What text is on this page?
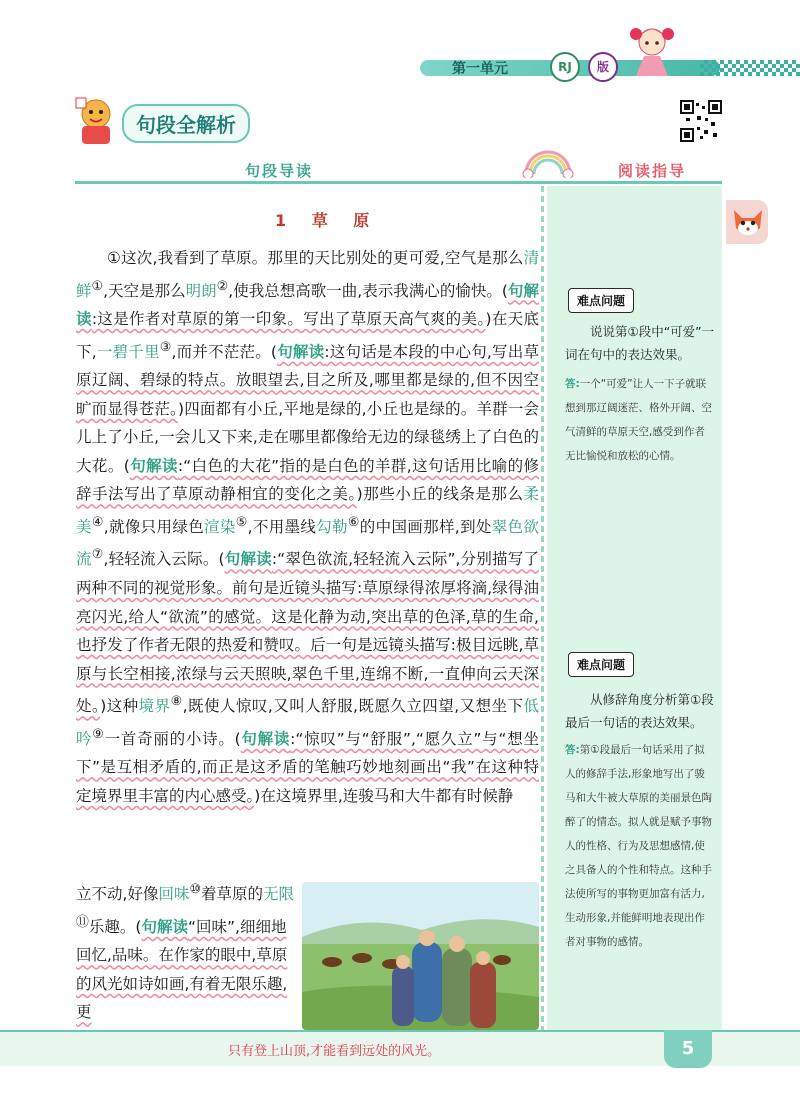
第一单元	RJ	版
句段全解析
句段导读	阅读指导
难点问题
说说第①段中“可爱”一词在句中的表达效果。
答:一个“可爱”让人一下子就联想到那辽阔迷茫、格外开阔、空气清鲜的草原天空,感受到作者无比愉悦和放松的心情。
难点问题
从修辞角度分析第①段最后一句话的表达效果。
答:第①段最后一句话采用了拟人的修辞手法,形象地写出了骏马和大牛被大草原的美丽景色陶醉了的情态。拟人就是赋予事物人的性格、行为及思想感情,使之具备人的个性和特点。这种手法使所写的事物更加富有活力,生动形象,并能鲜明地表现出作者对事物的感情。
1 草 原

①这次,我看到了草原。那里的天比别处的更可爱,空气是那么清鲜①,天空是那么明朗②,使我总想高歌一曲,表示我满心的愉快。(句解读:这是作者对草原的第一印象。写出了草原天高气爽的美。)在天底下,一碧千里③,而并不茫茫。(句解读:这句话是本段的中心句,写出草原辽阔、碧绿的特点。放眼望去,目之所及,哪里都是绿的,但不因空旷而显得苍茫。)四面都有小丘,平地是绿的,小丘也是绿的。羊群一会儿上了小丘,一会儿又下来,走在哪里都像给无边的绿毯绣上了白色的大花。(句解读:“白色的大花”指的是白色的羊群,这句话用比喻的修辞手法写出了草原动静相宜的变化之美。)那些小丘的线条是那么柔美④,就像只用绿色渲染⑤,不用墨线勾勒⑥的中国画那样,到处翠色欲流⑦,轻轻流入云际。(句解读:“翠色欲流,轻轻流入云际”,分别描写了两种不同的视觉形象。前句是近镜头描写:草原绿得浓厚将滴,绿得油亮闪光,给人“欲流”的感觉。这是化静为动,突出草的色泽,草的生命,也抒发了作者无限的热爱和赞叹。后一句是远镜头描写:极目远眺,草原与长空相接,浓绿与云天照映,翠色千里,连绵不断,一直伸向云天深处。)这种境界⑧,既使人惊叹,又叫人舒服,既愿久立四望,又想坐下低吟⑨一首奇丽的小诗。(句解读:“惊叹”与“舒服”,“愿久立”与“想坐下”是互相矛盾的,而正是这矛盾的笔触巧妙地刻画出“我”在这种特定境界里丰富的内心感受。)在这境界里,连骏马和大牛都有时候静

立不动,好像回味⑩着草原的无限⑪乐趣。(句解读“回味”,细细地回忆,品味。在作家的眼中,草原的风光如诗如画,有着无限乐趣,更
只有登上山顶,才能看到远处的风光。	5
